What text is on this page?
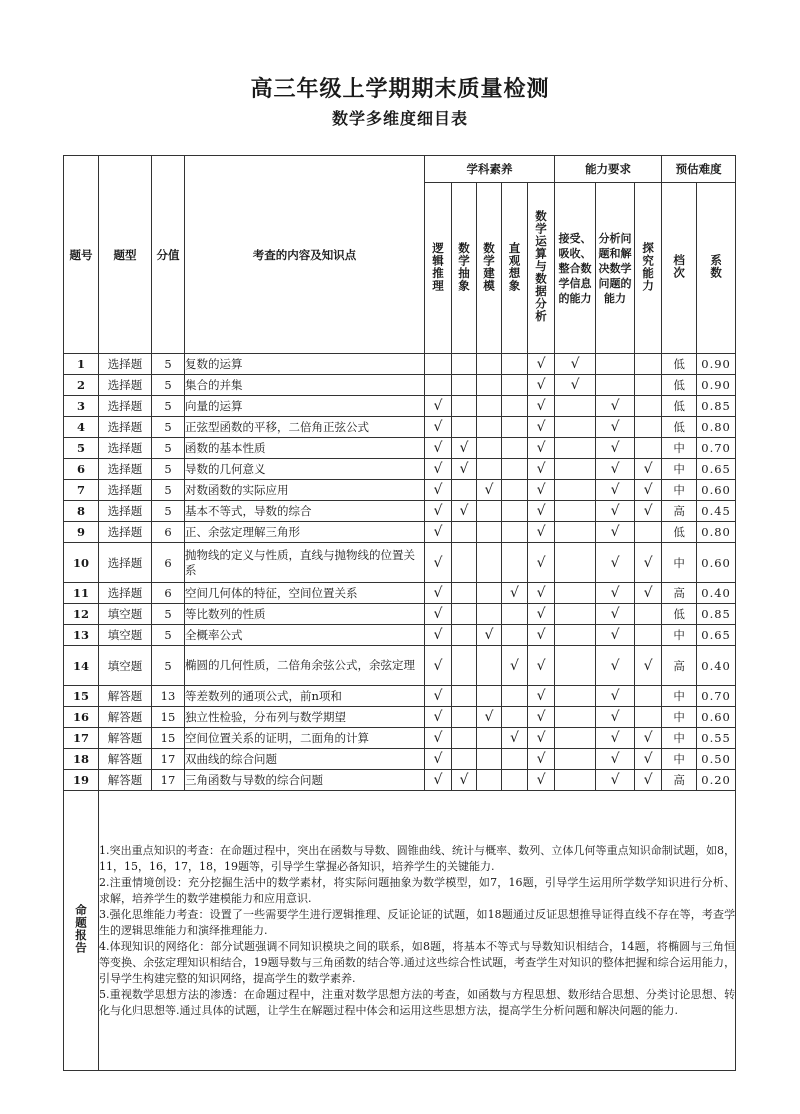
高三年级上学期期末质量检测
数学多维度细目表
题号	题型	分值	考查的内容及知识点	学科素养					能力要求			预估难度	
				逻辑推理	数学抽象	数学建模	直观想象	数学运算与数据分析	接受、吸收、整合数学信息的能力	分析问题和解决数学问题的能力	探究能力	档次	系数
1	选择题	5	复数的运算					√	√			低	0.90
2	选择题	5	集合的并集					√	√			低	0.90
3	选择题	5	向量的运算	√				√		√		低	0.85
4	选择题	5	正弦型函数的平移，二倍角正弦公式	√				√		√		低	0.80
5	选择题	5	函数的基本性质	√	√			√		√		中	0.70
6	选择题	5	导数的几何意义	√	√			√		√	√	中	0.65
7	选择题	5	对数函数的实际应用	√		√		√		√	√	中	0.60
8	选择题	5	基本不等式，导数的综合	√	√			√		√	√	高	0.45
9	选择题	6	正、余弦定理解三角形	√				√		√		低	0.80
10	选择题	6	抛物线的定义与性质，直线与抛物线的位置关系	√				√		√	√	中	0.60
11	选择题	6	空间几何体的特征，空间位置关系	√			√	√		√	√	高	0.40
12	填空题	5	等比数列的性质	√				√		√		低	0.85
13	填空题	5	全概率公式	√		√		√		√		中	0.65
14	填空题	5	椭圆的几何性质，二倍角余弦公式，余弦定理	√			√	√		√	√	高	0.40
15	解答题	13	等差数列的通项公式，前n项和	√				√		√		中	0.70
16	解答题	15	独立性检验，分布列与数学期望	√		√		√		√		中	0.60
17	解答题	15	空间位置关系的证明，二面角的计算	√			√	√		√	√	中	0.55
18	解答题	17	双曲线的综合问题	√				√		√	√	中	0.50
19	解答题	17	三角函数与导数的综合问题	√	√			√		√	√	高	0.20
命题报告	1.突出重点知识的考查：在命题过程中，突出在函数与导数、圆锥曲线、统计与概率、数列、立体几何等重点知识命制试题，如8，11，15，16，17，18，19题等，引导学生掌握必备知识，培养学生的关键能力.

2.注重情境创设：充分挖掘生活中的数学素材，将实际问题抽象为数学模型，如7，16题，引导学生运用所学数学知识进行分析、求解，培养学生的数学建模能力和应用意识.

3.强化思维能力考查：设置了一些需要学生进行逻辑推理、反证论证的试题，如18题通过反证思想推导证得直线不存在等，考查学生的逻辑思维能力和演绎推理能力.

4.体现知识的网络化：部分试题强调不同知识模块之间的联系，如8题，将基本不等式与导数知识相结合，14题，将椭圆与三角恒等变换、余弦定理知识相结合，19题导数与三角函数的结合等.通过这些综合性试题，考查学生对知识的整体把握和综合运用能力，引导学生构建完整的知识网络，提高学生的数学素养.

5.重视数学思想方法的渗透：在命题过程中，注重对数学思想方法的考查，如函数与方程思想、数形结合思想、分类讨论思想、转化与化归思想等.通过具体的试题，让学生在解题过程中体会和运用这些思想方法，提高学生分析问题和解决问题的能力.												
